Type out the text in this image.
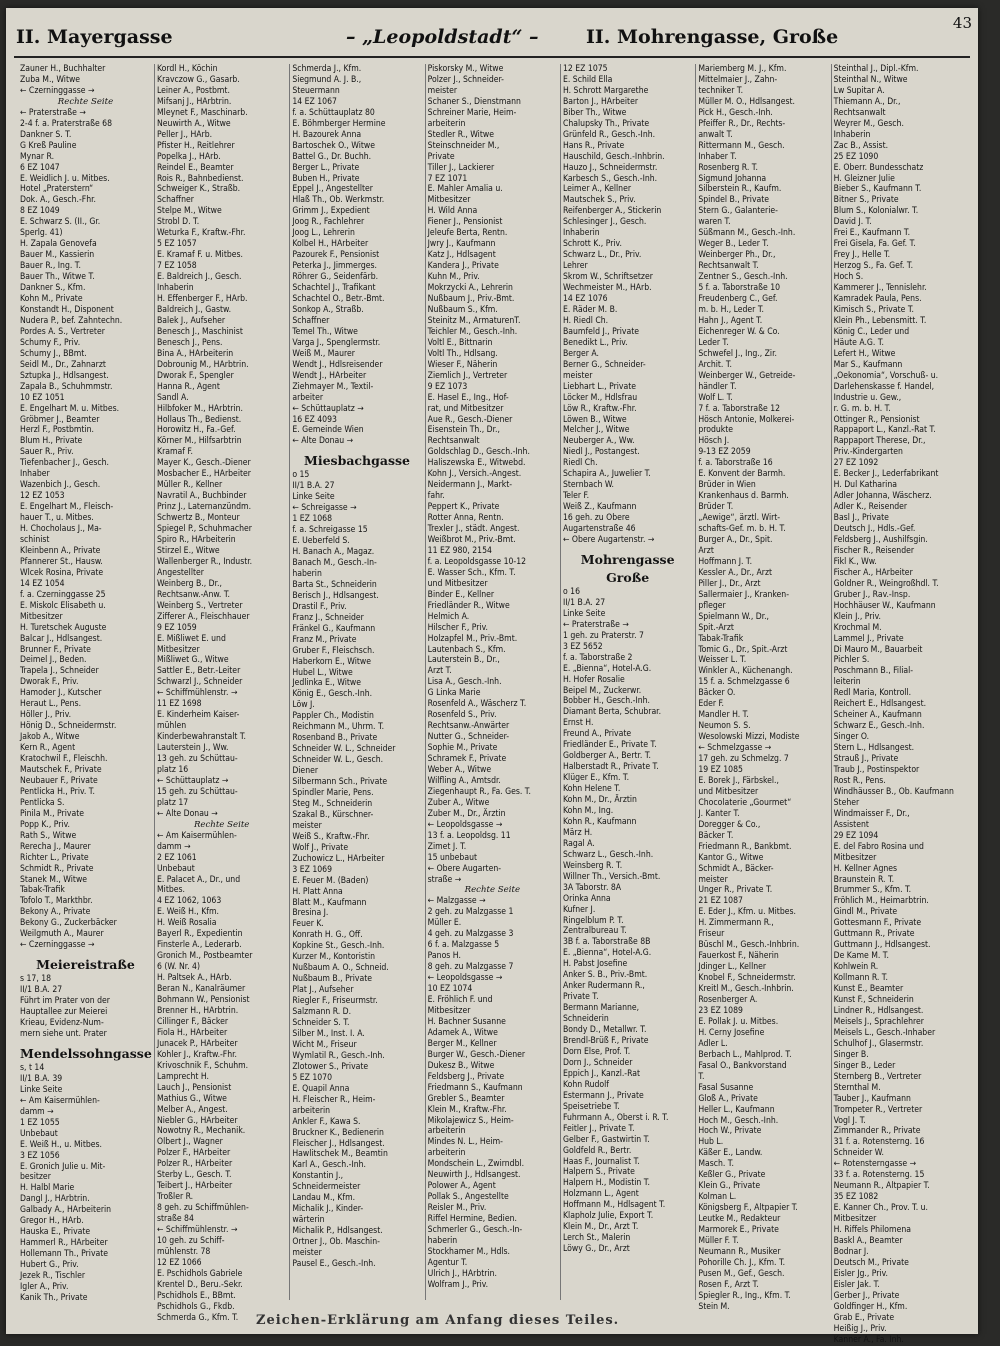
II. Mayergasse	– „Leopoldstadt“ – II. Mohrengasse, Große
43
Zauner H., Buchhalter
Zuba M., Witwe
← Czerninggasse →
Rechte Seite
← Praterstraße →
2-4 f. a. Praterstraße 68
Dankner S. T.
G Kreß Pauline
Mynar R.
6 EZ 1047
E. Weidlich J. u. Mitbes.
Hotel „Praterstern“
Dok. A., Gesch.-Fhr.
8 EZ 1049
E. Schwarz S. (II., Gr.
Sperlg. 41)
H. Zapala Genovefa
Bauer M., Kassierin
Bauer R., Ing. T.
Bauer Th., Witwe T.
Dankner S., Kfm.
Kohn M., Private
Konstandt H., Disponent
Nudera P., bef. Zahntechn.
Pordes A. S., Vertreter
Schumy F., Priv.
Schumy J., BBmt.
Seidl M., Dr., Zahnarzt
Sztupka J., Hdlsangest.
Zapala B., Schuhmmstr.
10 EZ 1051
E. Engelhart M. u. Mitbes.
Gröbmer J., Beamter
Herzl F., Postbmtin.
Blum H., Private
Sauer R., Priv.
Tiefenbacher J., Gesch.
Inhaber
Wazenbich J., Gesch.
12 EZ 1053
E. Engelhart M., Fleisch-
hauer T., u. Mitbes.
H. Chocholaus J., Ma-
schinist
Kleinbenn A., Private
Pfannerer St., Hausw.
Wlcek Rosina, Private
14 EZ 1054
f. a. Czerninggasse 25
E. Miskolc Elisabeth u.
Mitbesitzer
H. Turetschek Auguste
Balcar J., Hdlsangest.
Brunner F., Private
Deimel J., Beden.
Trapela J., Schneider
Dworak F., Priv.
Hamoder J., Kutscher
Heraut L., Pens.
Höller J., Priv.
Hönig D., Schneidermstr.
Jakob A., Witwe
Kern R., Agent
Kratochwil F., Fleischh.
Mautschek F., Private
Neubauer F., Private
Pentlicka H., Priv. T.
Pentlicka S.
Pinila M., Private
Popp K., Priv.
Rath S., Witwe
Rerecha J., Maurer
Richter L., Private
Schmidt R., Private
Stanek M., Witwe
Tabak-Trafik
Tofolo T., Markthbr.
Bekony A., Private
Bekony G., Zuckerbäcker
Weilgmuth A., Maurer
← Czerninggasse →
Meiereistraße
s 17, 18
II/1 B.A. 27
Führt im Prater von der
Hauptallee zur Meierei
Krieau, Evidenz-Num-
mern siehe unt. Prater
Mendelssohngasse
s, t 14
II/1 B.A. 39
Linke Seite
← Am Kaisermühlen-
damm →
1 EZ 1055
Unbebaut
E. Weiß H., u. Mitbes.
3 EZ 1056
E. Gronich Julie u. Mit-
besitzer
H. Halbl Marie
Dangl J., HArbtrin.
Galbady A., HArbeiterin
Gregor H., HArb.
Hauska E., Private
Hammerl R., HArbeiter
Hollemann Th., Private
Hubert G., Priv.
Jezek R., Tischler
Igler A., Priv.
Kanik Th., Private
Kordl H., Köchin
Kravczow G., Gasarb.
Leiner A., Postbmt.
Mifsanj J., HArbtrin.
Mleynet F., Maschinarb.
Neuwirth A., Witwe
Peller J., HArb.
Pfister H., Reitlehrer
Popelka J., HArb.
Reindel E., Beamter
Rois R., Bahnbedienst.
Schweiger K., Straßb.
Schaffner
Stelpe M., Witwe
Strobl D. T.
Weturka F., Kraftw.-Fhr.
5 EZ 1057
E. Kramaf F. u. Mitbes.
7 EZ 1058
E. Baldreich J., Gesch.
Inhaberin
H. Effenberger F., HArb.
Baldreich J., Gastw.
Balek J., Aufseher
Benesch J., Maschinist
Benesch J., Pens.
Bina A., HArbeiterin
Dobrounig M., HArbtrin.
Dworak F., Spengler
Hanna R., Agent
Sandl A.
Hilbfoker M., HArbtrin.
Hollaus Th., Bedienst.
Horowitz H., Fa.-Gef.
Körner M., Hilfsarbtrin
Kramaf F.
Mayer K., Gesch.-Diener
Mosbacher E., HArbeiter
Müller R., Kellner
Navratil A., Buchbinder
Prinz J., Laternanzündm.
Schwertz B., Monteur
Spiegel P., Schuhmacher
Spiro R., HArbeiterin
Stirzel E., Witwe
Wallenberger R., Industr.
Angestellter
Weinberg B., Dr.,
Rechtsanw.-Anw. T.
Weinberg S., Vertreter
Zifferer A., Fleischhauer
9 EZ 1059
E. Mißliwet E. und
Mitbesitzer
Mißliwet G., Witwe
Sattler E., Betr.-Leiter
Schwarzl J., Schneider
← Schiffmühlenstr. →
11 EZ 1698
E. Kinderheim Kaiser-
mühlen
Kinderbewahranstalt T.
Lauterstein J., Ww.
13 geh. zu Schüttau-
platz 16
← Schüttauplatz →
15 geh. zu Schüttau-
platz 17
← Alte Donau →
Rechte Seite
← Am Kaisermühlen-
damm →
2 EZ 1061
Unbebaut
E. Palacet A., Dr., und
Mitbes.
4 EZ 1062, 1063
E. Weiß H., Kfm.
H. Weiß Rosalia
Bayerl R., Expedientin
Finsterle A., Lederarb.
Gronich M., Postbeamter
6 (W. Nr. 4)
H. Paltsek A., HArb.
Beran N., Kanalräumer
Bohmann W., Pensionist
Brenner H., HArbtrin.
Cillinger F., Bäcker
Fiola H., HArbeiter
Junacek P., HArbeiter
Kohler J., Kraftw.-Fhr.
Krivoschnik F., Schuhm.
Lamprecht H.
Lauch J., Pensionist
Mathius G., Witwe
Melber A., Angest.
Niebler G., HArbeiter
Nowotny R., Mechanik.
Olbert J., Wagner
Polzer F., HArbeiter
Polzer R., HArbeiter
Sterby L., Gesch. T.
Teibert J., HArbeiter
Troßler R.
8 geh. zu Schiffmühlen-
straße 84
← Schiffmühlenstr. →
10 geh. zu Schiff-
mühlenstr. 78
12 EZ 1066
E. Pschidhols Gabriele
Krentel D., Beru.-Sekr.
Pschidhols E., BBmt.
Pschidhols G., Fkdb.
Schmerda G., Kfm. T.
Schmerda J., Kfm.
Siegmund A. J. B.,
Steuermann
14 EZ 1067
f. a. Schüttauplatz 80
E. Böhmberger Hermine
H. Bazourek Anna
Bartoschek O., Witwe
Battel G., Dr. Buchh.
Berger L., Private
Buben H., Private
Eppel J., Angestellter
Hlaß Th., Ob. Werkmstr.
Grimm J., Expedient
Joog R., Fachlehrer
Joog L., Lehrerin
Kolbel H., HArbeiter
Pazourek F., Pensionist
Peterka J., Jimmerges.
Röhrer G., Seidenfärb.
Schachtel J., Trafikant
Schachtel O., Betr.-Bmt.
Sonkop A., Straßb.
Schaffner
Temel Th., Witwe
Varga J., Spenglermstr.
Weiß M., Maurer
Wendt J., Hdlsreisender
Wendt J., HArbeiter
Ziehmayer M., Textil-
arbeiter
← Schüttauplatz →
16 EZ 4093
E. Gemeinde Wien
← Alte Donau →
Miesbachgasse
o 15
II/1 B.A. 27
Linke Seite
← Schreigasse →
1 EZ 1068
f. a. Schreigasse 15
E. Ueberfeld S.
H. Banach A., Magaz.
Banach M., Gesch.-In-
haberin
Barta St., Schneiderin
Berisch J., Hdlsangest.
Drastil F., Priv.
Franz J., Schneider
Fränkel G., Kaufmann
Franz M., Private
Gruber F., Fleischsch.
Haberkorn E., Witwe
Hubel L., Witwe
Jedlinka E., Witwe
König E., Gesch.-Inh.
Löw J.
Pappler Ch., Modistin
Reichmann M., Uhrm. T.
Rosenband B., Private
Schneider W. L., Schneider
Schneider W. L., Gesch.
Diener
Silbermann Sch., Private
Spindler Marie, Pens.
Steg M., Schneiderin
Szakal B., Kürschner-
meister
Weiß S., Kraftw.-Fhr.
Wolf J., Private
Zuchowicz L., HArbeiter
3 EZ 1069
E. Feuer M. (Baden)
H. Platt Anna
Blatt M., Kaufmann
Bresina J.
Feuer K.
Konrath H. G., Off.
Kopkine St., Gesch.-Inh.
Kurzer M., Kontoristin
Nußbaum A. O., Schneid.
Nußbaum B., Private
Plat J., Aufseher
Riegler F., Friseurmstr.
Salzmann R. D.
Schneider S. T.
Silber M., Inst. I. A.
Wicht M., Friseur
Wymlatil R., Gesch.-Inh.
Zlotower S., Private
5 EZ 1070
E. Quapil Anna
H. Fleischer R., Heim-
arbeiterin
Ankler F., Kawa S.
Bruckner K., Bedienerin
Fleischer J., Hdlsangest.
Hawlitschek M., Beamtin
Karl A., Gesch.-Inh.
Konstantin J.,
Schneidermeister
Landau M., Kfm.
Michalik J., Kinder-
wärterin
Michalik P., Hdlsangest.
Ortner J., Ob. Maschin-
meister
Pausel E., Gesch.-Inh.
Piskorsky M., Witwe
Polzer J., Schneider-
meister
Schaner S., Dienstmann
Schreiner Marie, Heim-
arbeiterin
Stedler R., Witwe
Steinschneider M.,
Private
Tiller J., Lackierer
7 EZ 1071
E. Mahler Amalia u.
Mitbesitzer
H. Wild Anna
Fiener J., Pensionist
Jeleufe Berta, Rentn.
Jwry J., Kaufmann
Katz J., Hdlsagent
Kandera J., Private
Kuhn M., Priv.
Mokrzycki A., Lehrerin
Nußbaum J., Priv.-Bmt.
Nußbaum S., Kfm.
Steinitz M., ArmaturenT.
Teichler M., Gesch.-Inh.
Voltl E., Bittnarin
Voltl Th., Hdlsang.
Wieser F., Näherin
Ziemlich J., Vertreter
9 EZ 1073
E. Hasel E., Ing., Hof-
rat, und Mitbesitzer
Aue R., Gesch.-Diener
Eisenstein Th., Dr.,
Rechtsanwalt
Goldschlag D., Gesch.-Inh.
Haliszewska E., Witwebd.
Kohn J., Versich.-Angest.
Neidermann J., Markt-
fahr.
Peppert K., Private
Rotter Anna, Rentn.
Trexler J., städt. Angest.
Weißbrot M., Priv.-Bmt.
11 EZ 980, 2154
f. a. Leopoldsgasse 10-12
E. Wasser Sch., Kfm. T.
und Mitbesitzer
Binder E., Kellner
Friedländer R., Witwe
Helmich A.
Hilscher F., Priv.
Holzapfel M., Priv.-Bmt.
Lautenbach S., Kfm.
Lauterstein B., Dr.,
Arzt T.
Lisa A., Gesch.-Inh.
G Linka Marie
Rosenfeld A., Wäscherz T.
Rosenfeld S., Priv.
Rechtsanw.-Anwärter
Nutter G., Schneider-
Sophie M., Private
Schramek F., Private
Weber A., Witwe
Wilfling A., Amtsdr.
Ziegenhaupt R., Fa. Ges. T.
Zuber A., Witwe
Zuber M., Dr., Ärztin
← Leopoldsgasse →
13 f. a. Leopoldsg. 11
Zimet J. T.
15 unbebaut
← Obere Augarten-
straße →
Rechte Seite
← Malzgasse →
2 geh. zu Malzgasse 1
Müller E.
4 geh. zu Malzgasse 3
6 f. a. Malzgasse 5
Panos H.
8 geh. zu Malzgasse 7
← Leopoldsgasse →
10 EZ 1074
E. Fröhlich F. und
Mitbesitzer
H. Bachner Susanne
Adamek A., Witwe
Berger M., Kellner
Burger W., Gesch.-Diener
Dukesz B., Witwe
Feldsberg J., Private
Friedmann S., Kaufmann
Grebler S., Beamter
Klein M., Kraftw.-Fhr.
Mikolajewicz S., Heim-
arbeiterin
Mindes N. L., Heim-
arbeiterin
Mondschein L., Zwirndbl.
Neuwirth J., Hdlsangest.
Polower A., Agent
Pollak S., Angestellte
Reisler M., Priv.
Riffel Hermine, Bedien.
Schmerler G., Gesch.-In-
haberin
Stockhamer M., Hdls.
Agentur T.
Ulrich J., HArbtrin.
Wolfram J., Priv.
12 EZ 1075
E. Schild Ella
H. Schrott Margarethe
Barton J., HArbeiter
Biber Th., Witwe
Chalupsky Th., Private
Grünfeld R., Gesch.-Inh.
Hans R., Private
Hauschild, Gesch.-Inhbrin.
Hauzo J., Schneidermstr.
Karbesch S., Gesch.-Inh.
Leimer A., Kellner
Mautschek S., Priv.
Reifenberger A., Stickerin
Schlesinger J., Gesch.
Inhaberin
Schrott K., Priv.
Schwarz L., Dr., Priv.
Lehrer
Skrom W., Schriftsetzer
Wechmeister M., HArb.
14 EZ 1076
E. Räder M. B.
H. Riedl Ch.
Baumfeld J., Private
Benedikt L., Priv.
Berger A.
Berner G., Schneider-
meister
Liebhart L., Private
Löcker M., Hdlsfrau
Löw R., Kraftw.-Fhr.
Löwen B., Witwe
Melcher J., Witwe
Neuberger A., Ww.
Niedl J., Postangest.
Riedl Ch.
Schapira A., Juwelier T.
Sternbach W.
Teler F.
Weiß Z., Kaufmann
16 geh. zu Obere
Augartenstraße 46
← Obere Augartenstr. →
Mohrengasse Große
o 16
II/1 B.A. 27
Linke Seite
← Praterstraße →
1 geh. zu Praterstr. 7
3 EZ 5652
f. a. Taborstraße 2
E. „Bienna“, Hotel-A.G.
H. Hofer Rosalie
Beipel M., Zuckerwr.
Bobber H., Gesch.-Inh.
Diamant Berta, Schubrar.
Ernst H.
Freund A., Private
Friedländer E., Private T.
Goldberger A., Bertr. T.
Halberstadt R., Private T.
Klüger E., Kfm. T.
Kohn Helene T.
Kohn M., Dr., Ärztin
Kohn M., Ing.
Kohn R., Kaufmann
März H.
Ragal A.
Schwarz L., Gesch.-Inh.
Weinsberg R. T.
Willner Th., Versich.-Bmt.
3A Taborstr. 8A
Orinka Anna
Kufner J.
Ringelblum P. T.
Zentralbureau T.
3B f. a. Taborstraße 8B
E. „Bienna“, Hotel-A.G.
H. Pabst Josefine
Anker S. B., Priv.-Bmt.
Anker Rudermann R.,
Private T.
Bermann Marianne,
Schneiderin
Bondy D., Metallwr. T.
Brendl-Brüß F., Private
Dorn Else, Prof. T.
Dorn J., Schneider
Eppich J., Kanzl.-Rat
Kohn Rudolf
Estermann J., Private
Speisetriebe T.
Fuhrmann A., Oberst i. R. T.
Feitler J., Private T.
Gelber F., Gastwirtin T.
Goldfeld R., Bertr.
Haas F., Journalist T.
Halpern S., Private
Halpern H., Modistin T.
Holzmann L., Agent
Hoffmann M., Hdlsagent T.
Klapholz Julie, Export T.
Klein M., Dr., Arzt T.
Lerch St., Malerin
Löwy G., Dr., Arzt
Mariemberg M. J., Kfm.
Mittelmaier J., Zahn-
techniker T.
Müller M. O., Hdlsangest.
Pick H., Gesch.-Inh.
Pfeiffer R., Dr., Rechts-
anwalt T.
Rittermann M., Gesch.
Inhaber T.
Rosenberg R. T.
Sigmund Johanna
Silberstein R., Kaufm.
Spindel B., Private
Stern G., Galanterie-
waren T.
Süßmann M., Gesch.-Inh.
Weger B., Leder T.
Weinberger Ph., Dr.,
Rechtsanwalt T.
Zentner S., Gesch.-Inh.
5 f. a. Taborstraße 10
Freudenberg C., Gef.
m. b. H., Leder T.
Hahn J., Agent T.
Eichenreger W. & Co.
Leder T.
Schwefel J., Ing., Zir.
Archit. T.
Weinberger W., Getreide-
händler T.
Wolf L. T.
7 f. a. Taborstraße 12
Hösch Antonie, Molkerei-
produkte
Hösch J.
9-13 EZ 2059
f. a. Taborstraße 16
E. Konvent der Barmh.
Brüder in Wien
Krankenhaus d. Barmh.
Brüder T.
„Aewige“, ärztl. Wirt-
schafts-Gef. m. b. H. T.
Burger A., Dr., Spit.
Arzt
Hoffmann J. T.
Kessler A., Dr., Arzt
Piller J., Dr., Arzt
Sallermaier J., Kranken-
pfleger
Spielmann W., Dr.,
Spit.-Arzt
Tabak-Trafik
Tomic G., Dr., Spit.-Arzt
Weisser L. T.
Winkler A., Küchenangh.
15 f. a. Schmelzgasse 6
Bäcker O.
Eder F.
Mandler H. T.
Neumon S. S.
Wesolowski Mizzi, Modiste
← Schmelzgasse →
17 geh. zu Schmelzg. 7
19 EZ 1085
E. Borek J., Färbskel.,
und Mitbesitzer
Chocolaterie „Gourmet“
J. Kanter T.
Doregger & Co.,
Bäcker T.
Friedmann R., Bankbmt.
Kantor G., Witwe
Schmidt A., Bäcker-
meister
Unger R., Private T.
21 EZ 1087
E. Eder J., Kfm. u. Mitbes.
H. Zimmermann R.,
Friseur
Büschl M., Gesch.-Inhbrin.
Fauerkost F., Näherin
Jdinger L., Kellner
Knobel F., Schneidermstr.
Kreitl M., Gesch.-Inhbrin.
Rosenberger A.
23 EZ 1089
E. Pollak J. u. Mitbes.
H. Cerny Josefine
Adler L.
Berbach L., Mahlprod. T.
Fasal O., Bankvorstand
T.
Fasal Susanne
Gloß A., Private
Heller L., Kaufmann
Hoch M., Gesch.-Inh.
Hoch W., Private
Hub L.
Käßer E., Landw.
Masch. T.
Keßler G., Private
Klein G., Private
Kolman L.
Königsberg F., Altpapier T.
Leutke M., Redakteur
Marmorek E., Private
Müller F. T.
Neumann R., Musiker
Pohorille Ch. J., Kfm. T.
Pusen M., Gef., Gesch.
Rosen F., Arzt T.
Spiegler R., Ing., Kfm. T.
Stein M.
Steinthal J., Dipl.-Kfm.
Steinthal N., Witwe
Lw Supitar A.
Thiemann A., Dr.,
Rechtsanwalt
Weyrer M., Gesch.
Inhaberin
Zac B., Assist.
25 EZ 1090
E. Oberr. Bundesschatz
H. Gleizner Julie
Bieber S., Kaufmann T.
Bitner S., Private
Blum S., Kolonialwr. T.
David J. T.
Frei E., Kaufmann T.
Frei Gisela, Fa. Gef. T.
Frey J., Helle T.
Herzog S., Fa. Gef. T.
Hoch S.
Kammerer J., Tennislehr.
Kamradek Paula, Pens.
Kimisch S., Private T.
Klein Ph., Lebensmitt. T.
König C., Leder und
Häute A.G. T.
Lefert H., Witwe
Mar S., Kaufmann
„Oekonomia“, Vorschuß- u.
Darlehenskasse f. Handel,
Industrie u. Gew.,
r. G. m. b. H. T.
Ottinger R., Pensionist
Rappaport L., Kanzl.-Rat T.
Rappaport Therese, Dr.,
Priv.-Kindergarten
27 EZ 1092
E. Becker J., Lederfabrikant
H. Dul Katharina
Adler Johanna, Wäscherz.
Adler K., Reisender
Basl J., Private
Deutsch J., Hdls.-Gef.
Feldsberg J., Aushilfsgin.
Fischer R., Reisender
Fikl K., Ww.
Fischer A., HArbeiter
Goldner R., Weingroßhdl. T.
Gruber J., Rav.-Insp.
Hochhäuser W., Kaufmann
Klein J., Priv.
Krochmal M.
Lammel J., Private
Di Mauro M., Bauarbeit
Pichler S.
Poschmann B., Filial-
leiterin
Redl Maria, Kontroll.
Reichert E., Hdlsangest.
Scheiner A., Kaufmann
Schwarz E., Gesch.-Inh.
Singer O.
Stern L., Hdlsangest.
Strauß J., Private
Traub J., Postinspektor
Rost R., Pens.
Windhäusser B., Ob. Kaufmann
Steher
Windmaisser F., Dr.,
Assistent
29 EZ 1094
E. del Fabro Rosina und
Mitbesitzer
H. Kellner Agnes
Braunstein R. T.
Brummer S., Kfm. T.
Fröhlich M., Heimarbtrin.
Gindl M., Private
Gottesmann F., Private
Guttmann R., Private
Guttmann J., Hdlsangest.
De Kame M. T.
Kohlwein R.
Kollmann R. T.
Kunst E., Beamter
Kunst F., Schneiderin
Lindner R., Hdlsangest.
Meisels J., Sprachlehrer
Meisels L., Gesch.-Inhaber
Schulhof J., Glasermstr.
Singer B.
Singer B., Leder
Sternberg B., Vertreter
Sternthal M.
Tauber J., Kaufmann
Trompeter R., Vertreter
Vogl J. T.
Zimmander R., Private
31 f. a. Rotensterng. 16
Schneider W.
← Rotensterngasse →
33 f. a. Rotensterng. 15
Neumann R., Altpapier T.
35 EZ 1082
E. Kanner Ch., Prov. T. u.
Mitbesitzer
H. Riffels Philomena
Baskl A., Beamter
Bodnar J.
Deutsch M., Private
Eisler Jg., Priv.
Eisler Jak. T.
Gerber J., Private
Goldfinger H., Kfm.
Grab E., Private
Heißig J., Priv.
Kanner A., Fa. Inh.
Zeichen-Erklärung am Anfang dieses Teiles.
